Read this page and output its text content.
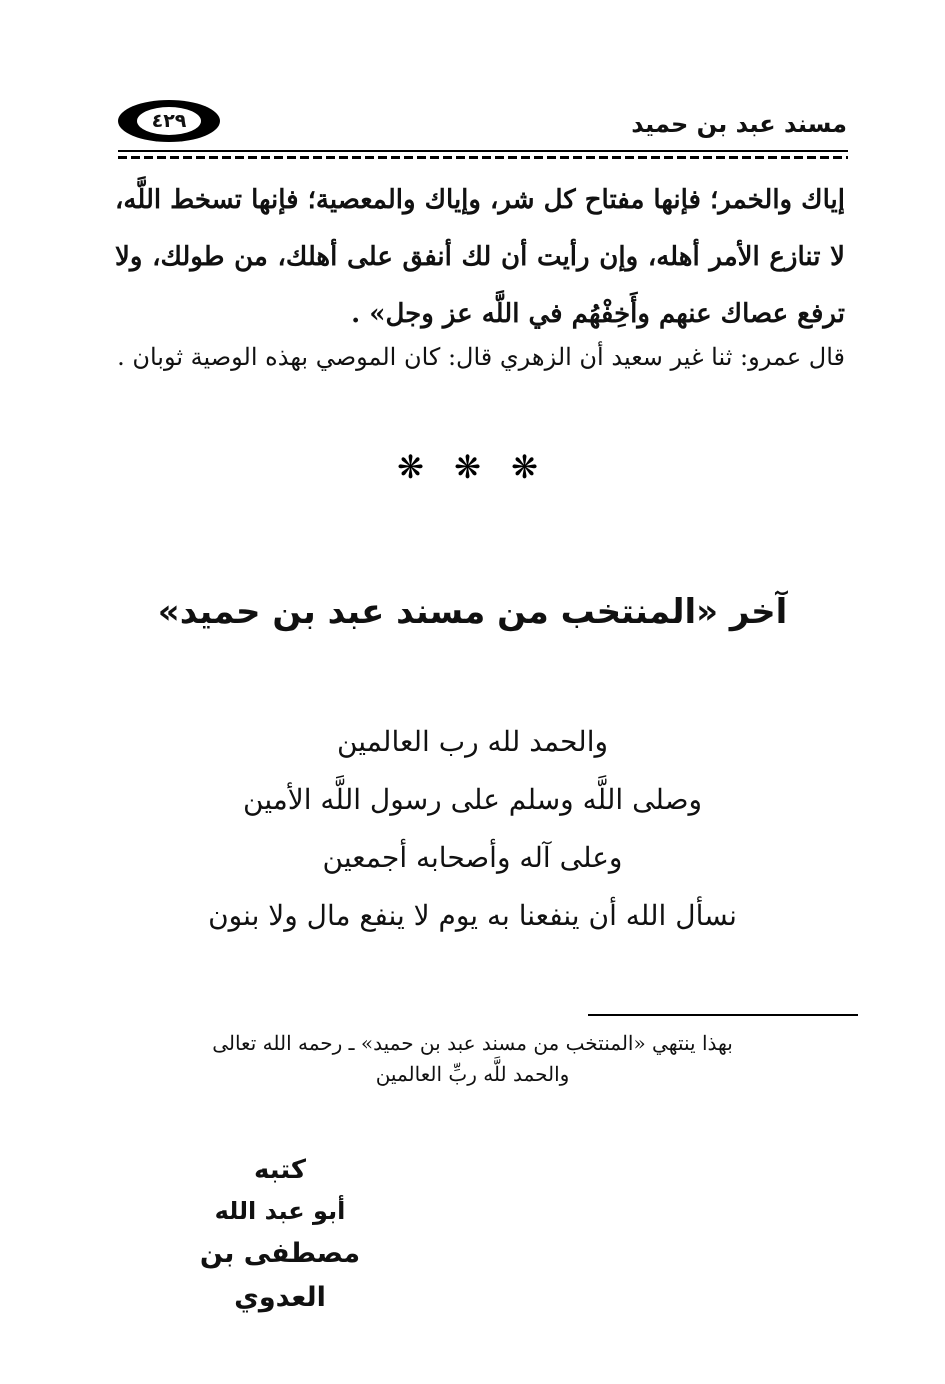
مسند عبد بن حميد
٤٢٩
إياك والخمر؛ فإنها مفتاح كل شر، وإياك والمعصية؛ فإنها تسخط اللَّه، لا تنازع الأمر أهله، وإن رأيت أن لك أنفق على أهلك، من طولك، ولا ترفع عصاك عنهم وأَخِفْهُم في اللَّه عز وجل» .
قال عمرو: ثنا غير سعيد أن الزهري قال: كان الموصي بهذه الوصية ثوبان .
❋ ❋ ❋
آخر «المنتخب من مسند عبد بن حميد»
والحمد لله رب العالمين
وصلى اللَّه وسلم على رسول اللَّه الأمين
وعلى آله وأصحابه أجمعين
نسأل الله أن ينفعنا به يوم لا ينفع مال ولا بنون
بهذا ينتهي «المنتخب من مسند عبد بن حميد» ـ رحمه الله تعالى
والحمد للَّه ربِّ العالمين
كتبه
أبو عبد الله
مصطفى بن العدوي
